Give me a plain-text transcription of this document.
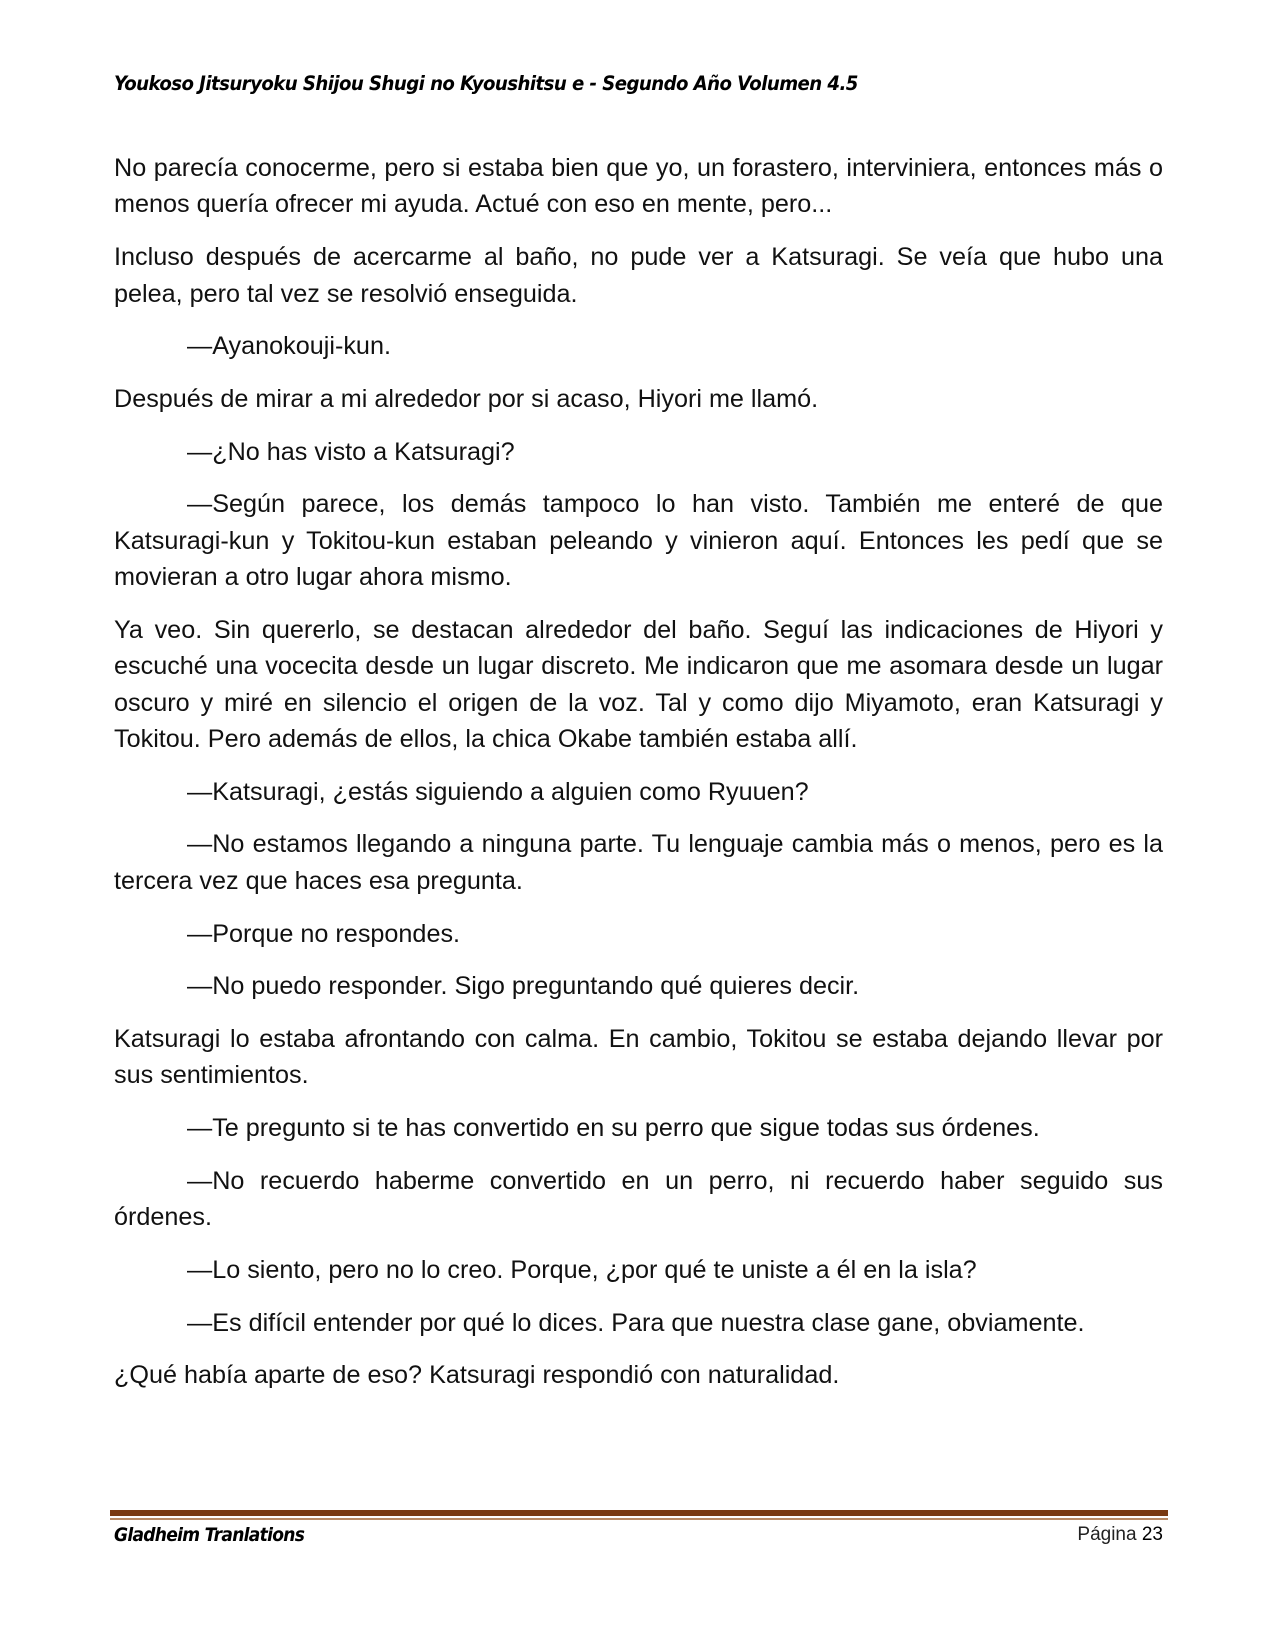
Youkoso Jitsuryoku Shijou Shugi no Kyoushitsu e - Segundo Año Volumen 4.5

No parecía conocerme, pero si estaba bien que yo, un forastero, interviniera, entonces más o menos quería ofrecer mi ayuda. Actué con eso en mente, pero...

Incluso después de acercarme al baño, no pude ver a Katsuragi. Se veía que hubo una pelea, pero tal vez se resolvió enseguida.

—Ayanokouji-kun.

Después de mirar a mi alrededor por si acaso, Hiyori me llamó.

—¿No has visto a Katsuragi?

—Según parece, los demás tampoco lo han visto. También me enteré de que Katsuragi-kun y Tokitou-kun estaban peleando y vinieron aquí. Entonces les pedí que se movieran a otro lugar ahora mismo.

Ya veo. Sin quererlo, se destacan alrededor del baño. Seguí las indicaciones de Hiyori y escuché una vocecita desde un lugar discreto. Me indicaron que me asomara desde un lugar oscuro y miré en silencio el origen de la voz. Tal y como dijo Miyamoto, eran Katsuragi y Tokitou. Pero además de ellos, la chica Okabe también estaba allí.

—Katsuragi, ¿estás siguiendo a alguien como Ryuuen?

—No estamos llegando a ninguna parte. Tu lenguaje cambia más o menos, pero es la tercera vez que haces esa pregunta.

—Porque no respondes.

—No puedo responder. Sigo preguntando qué quieres decir.

Katsuragi lo estaba afrontando con calma. En cambio, Tokitou se estaba dejando llevar por sus sentimientos.

—Te pregunto si te has convertido en su perro que sigue todas sus órdenes.

—No recuerdo haberme convertido en un perro, ni recuerdo haber seguido sus órdenes.

—Lo siento, pero no lo creo. Porque, ¿por qué te uniste a él en la isla?

—Es difícil entender por qué lo dices. Para que nuestra clase gane, obviamente.

¿Qué había aparte de eso? Katsuragi respondió con naturalidad.

Gladheim Tranlations	Página 23
